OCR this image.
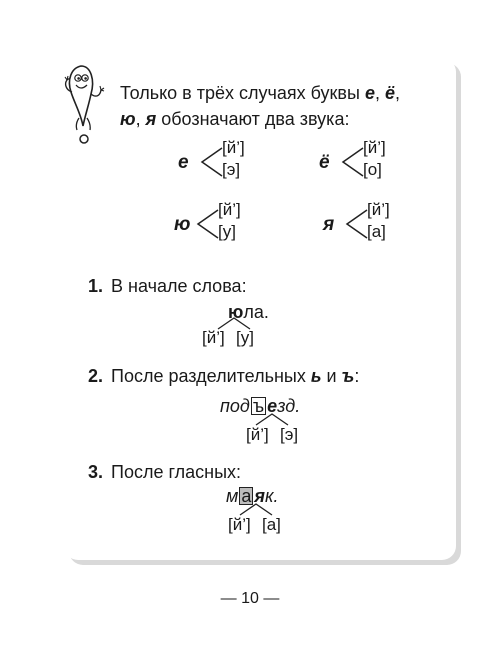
Только в трёх случаях буквы е, ё,
ю, я обозначают два звука:
е
[й’]
[э]	ё
[й’]
[о]
ю
[й’]
[у]	я
[й’]
[а]
1. В начале слова:
юла.
[й’] [у]
2. После разделительных ь и ъ:
под ъ езд.
[й’] [э]
3. После гласных:
м а як.
[й’] [а]
— 10 —
